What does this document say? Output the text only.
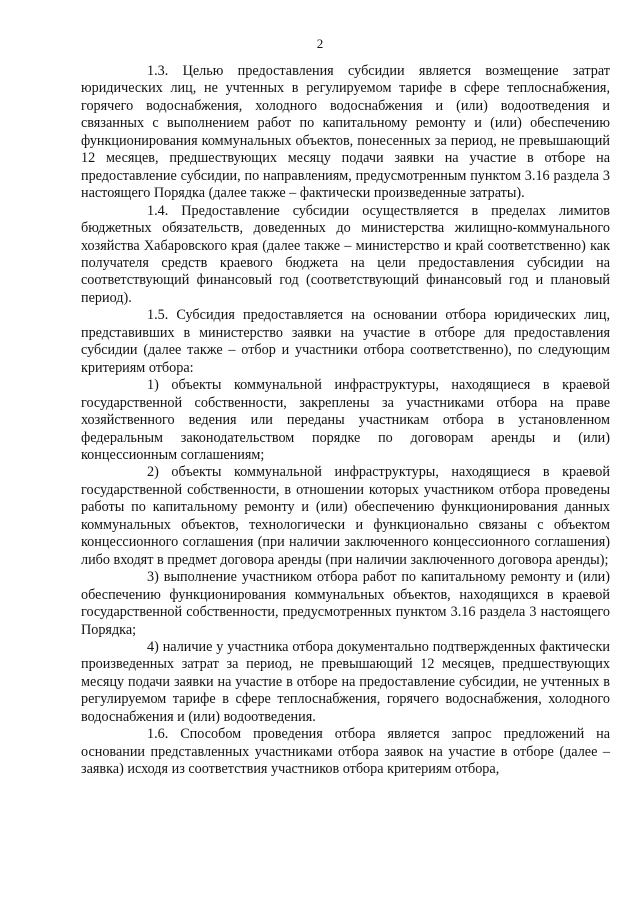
2

1.3. Целью предоставления субсидии является возмещение затрат юридических лиц, не учтенных в регулируемом тарифе в сфере теплоснабжения, горячего водоснабжения, холодного водоснабжения и (или) водоотведения и связанных с выполнением работ по капитальному ремонту и (или) обеспечению функционирования коммунальных объектов, понесенных за период, не превышающий 12 месяцев, предшествующих месяцу подачи заявки на участие в отборе на предоставление субсидии, по направлениям, предусмотренным пунктом 3.16 раздела 3 настоящего Порядка (далее также – фактически произведенные затраты).

1.4. Предоставление субсидии осуществляется в пределах лимитов бюджетных обязательств, доведенных до министерства жилищно-коммунального хозяйства Хабаровского края (далее также – министерство и край соответственно) как получателя средств краевого бюджета на цели предоставления субсидии на соответствующий финансовый год (соответствующий финансовый год и плановый период).

1.5. Субсидия предоставляется на основании отбора юридических лиц, представивших в министерство заявки на участие в отборе для предоставления субсидии (далее также – отбор и участники отбора соответственно), по следующим критериям отбора:

1) объекты коммунальной инфраструктуры, находящиеся в краевой государственной собственности, закреплены за участниками отбора на праве хозяйственного ведения или переданы участникам отбора в установленном федеральным законодательством порядке по договорам аренды и (или) концессионным соглашениям;

2) объекты коммунальной инфраструктуры, находящиеся в краевой государственной собственности, в отношении которых участником отбора проведены работы по капитальному ремонту и (или) обеспечению функционирования данных коммунальных объектов, технологически и функционально связаны с объектом концессионного соглашения (при наличии заключенного концессионного соглашения) либо входят в предмет договора аренды (при наличии заключенного договора аренды);

3) выполнение участником отбора работ по капитальному ремонту и (или) обеспечению функционирования коммунальных объектов, находящихся в краевой государственной собственности, предусмотренных пунктом 3.16 раздела 3 настоящего Порядка;

4) наличие у участника отбора документально подтвержденных фактически произведенных затрат за период, не превышающий 12 месяцев, предшествующих месяцу подачи заявки на участие в отборе на предоставление субсидии, не учтенных в регулируемом тарифе в сфере теплоснабжения, горячего водоснабжения, холодного водоснабжения и (или) водоотведения.

1.6. Способом проведения отбора является запрос предложений на основании представленных участниками отбора заявок на участие в отборе (далее – заявка) исходя из соответствия участников отбора критериям отбора,
